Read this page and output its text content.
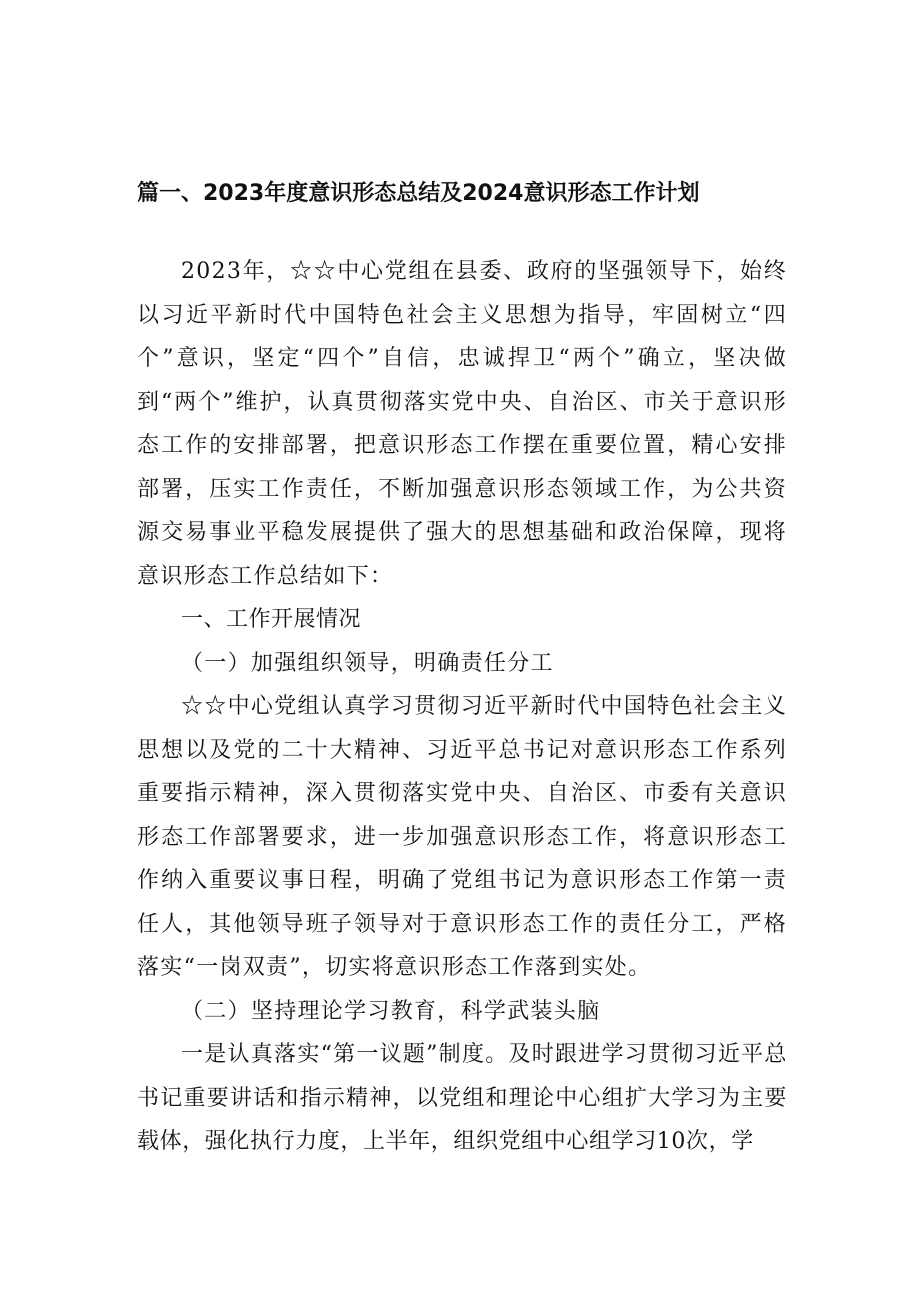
篇一、2023年度意识形态总结及2024意识形态工作计划

2023年，☆☆中心党组在县委、政府的坚强领导下，始终以习近平新时代中国特色社会主义思想为指导，牢固树立“四个”意识，坚定“四个”自信，忠诚捍卫“两个”确立，坚决做到“两个”维护，认真贯彻落实党中央、自治区、市关于意识形态工作的安排部署，把意识形态工作摆在重要位置，精心安排部署，压实工作责任，不断加强意识形态领域工作，为公共资源交易事业平稳发展提供了强大的思想基础和政治保障，现将意识形态工作总结如下：

一、工作开展情况

（一）加强组织领导，明确责任分工

☆☆中心党组认真学习贯彻习近平新时代中国特色社会主义思想以及党的二十大精神、习近平总书记对意识形态工作系列重要指示精神，深入贯彻落实党中央、自治区、市委有关意识形态工作部署要求，进一步加强意识形态工作，将意识形态工作纳入重要议事日程，明确了党组书记为意识形态工作第一责任人，其他领导班子领导对于意识形态工作的责任分工，严格落实“一岗双责”，切实将意识形态工作落到实处。

（二）坚持理论学习教育，科学武装头脑

一是认真落实“第一议题”制度。及时跟进学习贯彻习近平总书记重要讲话和指示精神，以党组和理论中心组扩大学习为主要载体，强化执行力度，上半年，组织党组中心组学习10次，学
